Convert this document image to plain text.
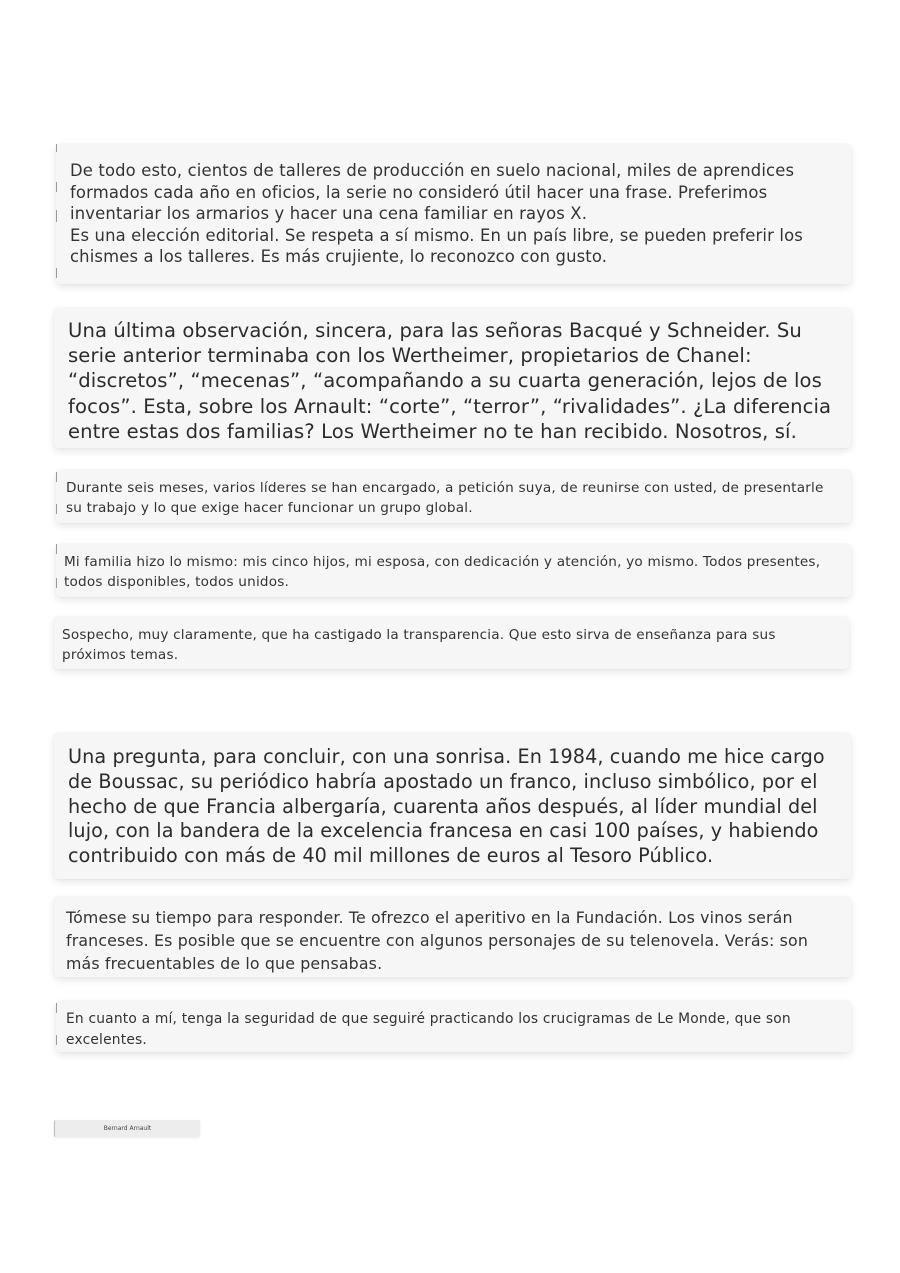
De todo esto, cientos de talleres de producción en suelo nacional, miles de aprendices formados cada año en oficios, la serie no consideró útil hacer una frase. Preferimos inventariar los armarios y hacer una cena familiar en rayos X.

Es una elección editorial. Se respeta a sí mismo. En un país libre, se pueden preferir los chismes a los talleres. Es más crujiente, lo reconozco con gusto.

Una última observación, sincera, para las señoras Bacqué y Schneider. Su serie anterior terminaba con los Wertheimer, propietarios de Chanel: “discretos”, “mecenas”, “acompañando a su cuarta generación, lejos de los focos”. Esta, sobre los Arnault: “corte”, “terror”, “rivalidades”. ¿La diferencia entre estas dos familias? Los Wertheimer no te han recibido. Nosotros, sí.

Durante seis meses, varios líderes se han encargado, a petición suya, de reunirse con usted, de presentarle su trabajo y lo que exige hacer funcionar un grupo global.

Mi familia hizo lo mismo: mis cinco hijos, mi esposa, con dedicación y atención, yo mismo. Todos presentes, todos disponibles, todos unidos.

Sospecho, muy claramente, que ha castigado la transparencia. Que esto sirva de enseñanza para sus próximos temas.

Una pregunta, para concluir, con una sonrisa. En 1984, cuando me hice cargo de Boussac, su periódico habría apostado un franco, incluso simbólico, por el hecho de que Francia albergaría, cuarenta años después, al líder mundial del lujo, con la bandera de la excelencia francesa en casi 100 países, y habiendo contribuido con más de 40 mil millones de euros al Tesoro Público.

Tómese su tiempo para responder. Te ofrezco el aperitivo en la Fundación. Los vinos serán franceses. Es posible que se encuentre con algunos personajes de su telenovela. Verás: son más frecuentables de lo que pensabas.

En cuanto a mí, tenga la seguridad de que seguiré practicando los crucigramas de Le Monde, que son excelentes.

Bernard Arnault
